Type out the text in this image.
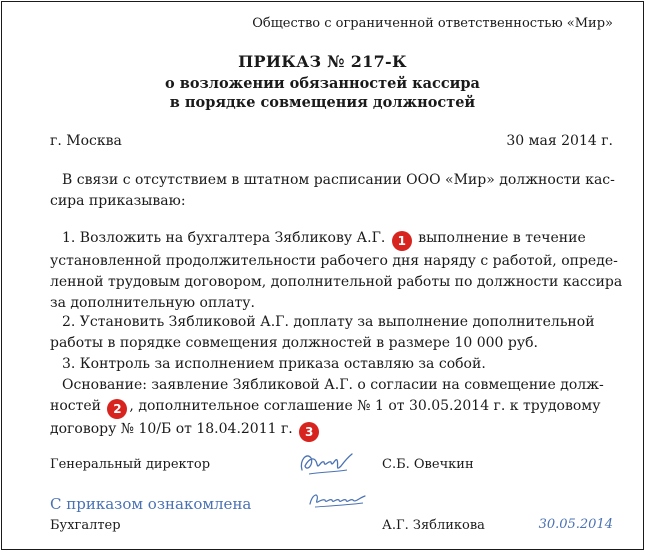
Общество с ограниченной ответственностью «Мир»
ПРИКАЗ № 217-К
о возложении обязанностей кассира
в порядке совмещения должностей
г. Москва	30 мая 2014 г.
В связи с отсутствием в штатном расписании ООО «Мир» должности кас-
сира приказываю:
1. Возложить на бухгалтера Зябликову А.Г. 1 выполнение в течение
установленной продолжительности рабочего дня наряду с работой, опреде-
ленной трудовым договором, дополнительной работы по должности кассира
за дополнительную оплату.
2. Установить Зябликовой А.Г. доплату за выполнение дополнительной
работы в порядке совмещения должностей в размере 10 000 руб.
3. Контроль за исполнением приказа оставляю за собой.
Основание: заявление Зябликовой А.Г. о согласии на совмещение долж-
ностей 2 , дополнительное соглашение № 1 от 30.05.2014 г. к трудовому
договору № 10/Б от 18.04.2011 г. 3
Генеральный директор	С.Б. Овечкин
С приказом ознакомлена
Бухгалтер	А.Г. Зябликова	30.05.2014
